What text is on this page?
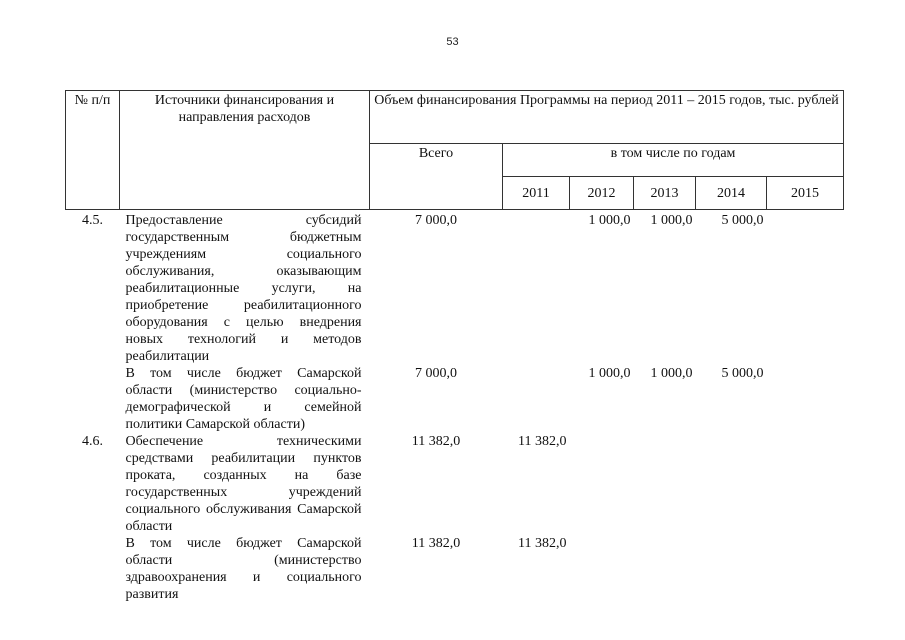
53
№ п/п	Источники финансирования и направления расходов	Объем финансирования Программы на период 2011 – 2015 годов, тыс. рублей					
		Всего	в том числе по годам				
			2011	2012	2013	2014	2015

4.5.	Предоставление субсидий государственным бюджетным учреждениям социального обслуживания, оказывающим реабилитационные услуги, на приобретение реабилитационного оборудования с целью внедрения новых технологий и методов реабилитации	7 000,0		1 000,0	1 000,0	5 000,0	
	В том числе бюджет Самарской области (министерство социально-демографической и семейной политики Самарской области)	7 000,0		1 000,0	1 000,0	5 000,0	
4.6.	Обеспечение техническими средствами реабилитации пунктов проката, созданных на базе государственных учреждений социального обслуживания Самарской области	11 382,0	11 382,0				
	В том числе бюджет Самарской области (министерство здравоохранения и социального развития	11 382,0	11 382,0				
